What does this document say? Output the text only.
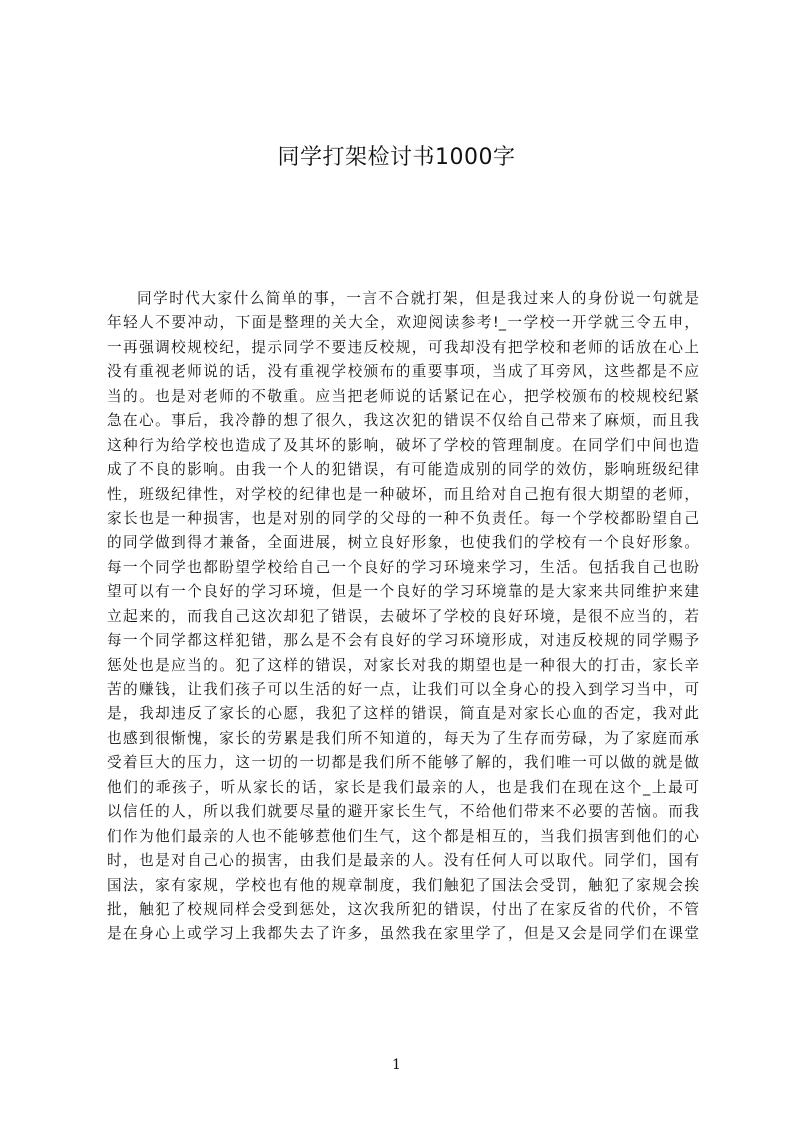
同学打架检讨书1000字
同学时代大家什么简单的事，一言不合就打架，但是我过来人的身份说一句就是
年轻人不要冲动，下面是整理的关大全，欢迎阅读参考!_一学校一开学就三令五申，
一再强调校规校纪，提示同学不要违反校规，可我却没有把学校和老师的话放在心上
没有重视老师说的话，没有重视学校颁布的重要事项，当成了耳旁风，这些都是不应
当的。也是对老师的不敬重。应当把老师说的话紧记在心，把学校颁布的校规校纪紧
急在心。事后，我冷静的想了很久，我这次犯的错误不仅给自己带来了麻烦，而且我
这种行为给学校也造成了及其坏的影响，破坏了学校的管理制度。在同学们中间也造
成了不良的影响。由我一个人的犯错误，有可能造成别的同学的效仿，影响班级纪律
性，班级纪律性，对学校的纪律也是一种破坏，而且给对自己抱有很大期望的老师，
家长也是一种损害，也是对别的同学的父母的一种不负责任。每一个学校都盼望自己
的同学做到得才兼备，全面进展，树立良好形象，也使我们的学校有一个良好形象。
每一个同学也都盼望学校给自己一个良好的学习环境来学习，生活。包括我自己也盼
望可以有一个良好的学习环境，但是一个良好的学习环境靠的是大家来共同维护来建
立起来的，而我自己这次却犯了错误，去破坏了学校的良好环境，是很不应当的，若
每一个同学都这样犯错，那么是不会有良好的学习环境形成，对违反校规的同学赐予
惩处也是应当的。犯了这样的错误，对家长对我的期望也是一种很大的打击，家长辛
苦的赚钱，让我们孩子可以生活的好一点，让我们可以全身心的投入到学习当中，可
是，我却违反了家长的心愿，我犯了这样的错误，简直是对家长心血的否定，我对此
也感到很惭愧，家长的劳累是我们所不知道的，每天为了生存而劳碌，为了家庭而承
受着巨大的压力，这一切的一切都是我们所不能够了解的，我们唯一可以做的就是做
他们的乖孩子，听从家长的话，家长是我们最亲的人，也是我们在现在这个_上最可
以信任的人，所以我们就要尽量的避开家长生气，不给他们带来不必要的苦恼。而我
们作为他们最亲的人也不能够惹他们生气，这个都是相互的，当我们损害到他们的心
时，也是对自己心的损害，由我们是最亲的人。没有任何人可以取代。同学们，国有
国法，家有家规，学校也有他的规章制度，我们触犯了国法会受罚，触犯了家规会挨
批，触犯了校规同样会受到惩处，这次我所犯的错误，付出了在家反省的代价，不管
是在身心上或学习上我都失去了许多，虽然我在家里学了，但是又会是同学们在课堂
1
